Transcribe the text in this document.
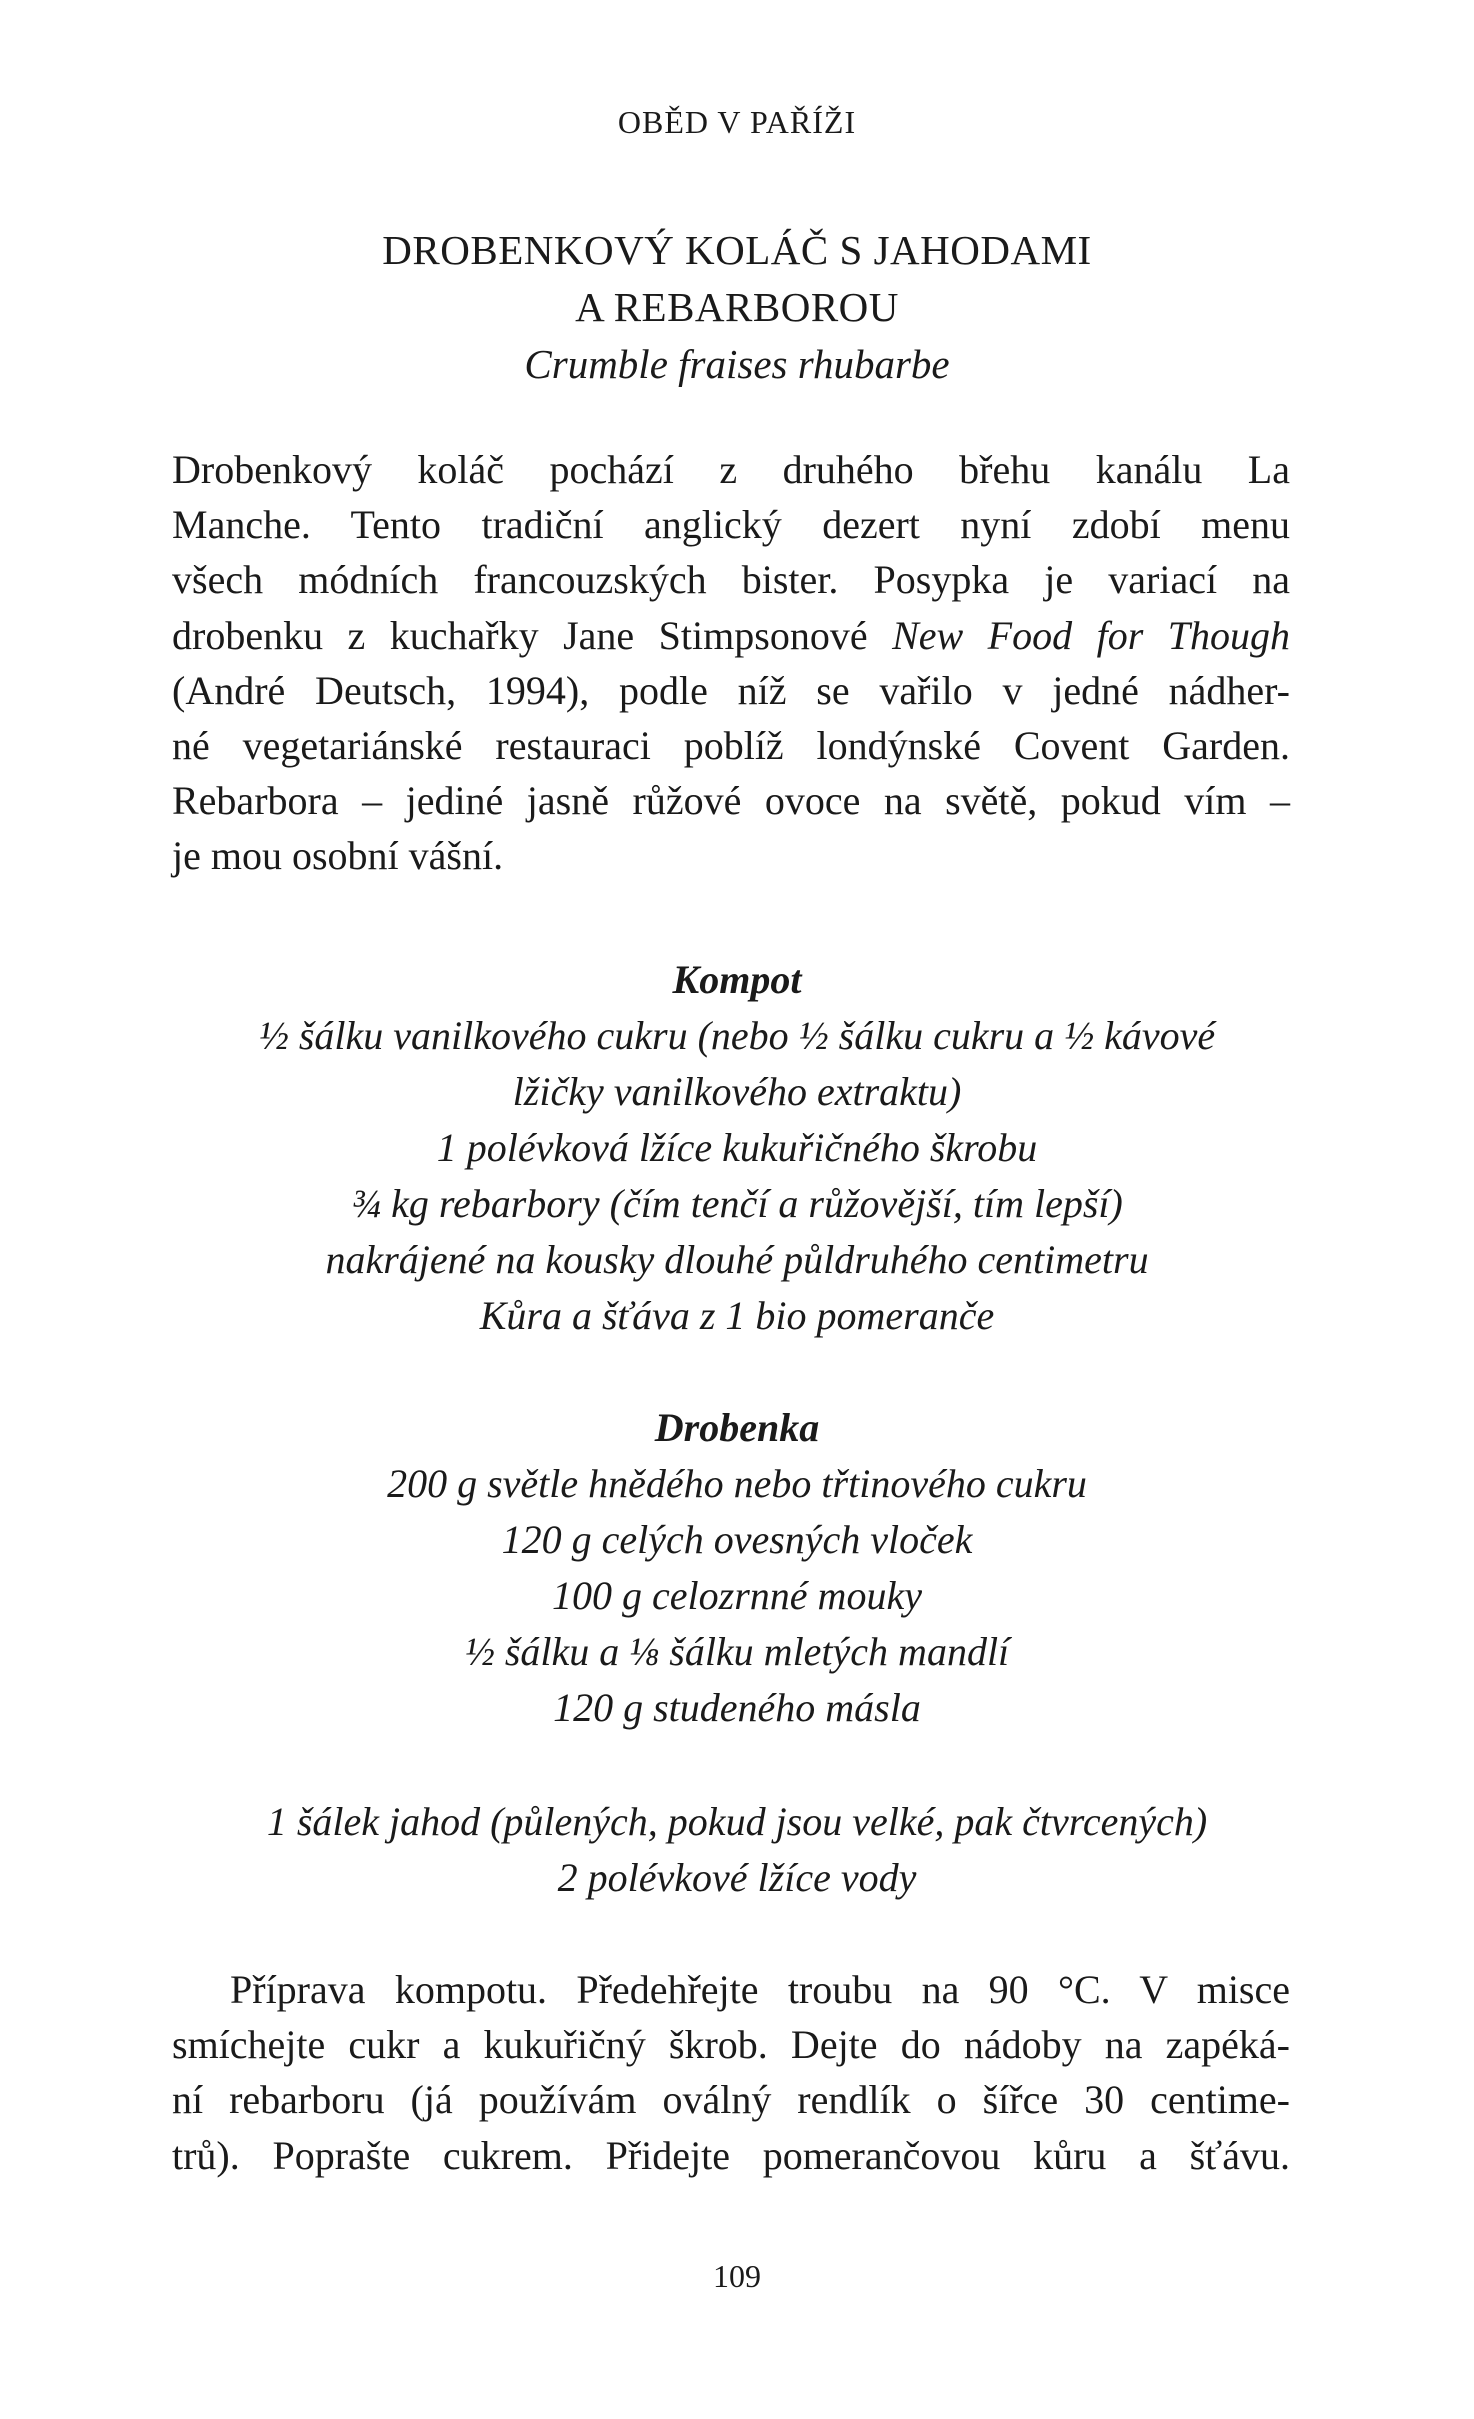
OBĚD V PAŘÍŽI
DROBENKOVÝ KOLÁČ S JAHODAMI
A REBARBOROU
Crumble fraises rhubarbe
Drobenkový koláč pochází z druhého břehu kanálu La
Manche. Tento tradiční anglický dezert nyní zdobí menu
všech módních francouzských bister. Posypka je variací na
drobenku z kuchařky Jane Stimpsonové New Food for Though
(André Deutsch, 1994), podle níž se vařilo v jedné nádher-
né vegetariánské restauraci poblíž londýnské Covent Garden.
Rebarbora – jediné jasně růžové ovoce na světě, pokud vím –
je mou osobní vášní.
Kompot
½ šálku vanilkového cukru (nebo ½ šálku cukru a ½ kávové
lžičky vanilkového extraktu)
1 polévková lžíce kukuřičného škrobu
¾ kg rebarbory (čím tenčí a růžovější, tím lepší)
nakrájené na kousky dlouhé půldruhého centimetru
Kůra a šťáva z 1 bio pomeranče
Drobenka
200 g světle hnědého nebo třtinového cukru
120 g celých ovesných vloček
100 g celozrnné mouky
½ šálku a ⅛ šálku mletých mandlí
120 g studeného másla
1 šálek jahod (půlených, pokud jsou velké, pak čtvrcených)
2 polévkové lžíce vody
Příprava kompotu. Předehřejte troubu na 90 °C. V misce
smíchejte cukr a kukuřičný škrob. Dejte do nádoby na zapéká-
ní rebarboru (já používám oválný rendlík o šířce 30 centime-
trů). Poprašte cukrem. Přidejte pomerančovou kůru a šťávu.
109
